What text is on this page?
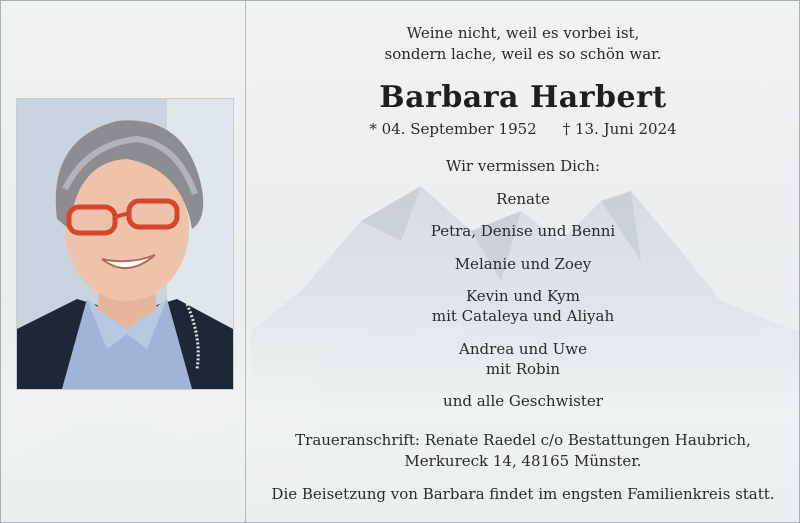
Weine nicht, weil es vorbei ist,
sondern lache, weil es so schön war.
Barbara Harbert
* 04. September 1952 † 13. Juni 2024
Wir vermissen Dich:
Renate
Petra, Denise und Benni
Melanie und Zoey
Kevin und Kym
mit Cataleya und Aliyah
Andrea und Uwe
mit Robin
und alle Geschwister
Traueranschrift: Renate Raedel c/o Bestattungen Haubrich,
Merkureck 14, 48165 Münster.
Die Beisetzung von Barbara findet im engsten Familienkreis statt.
